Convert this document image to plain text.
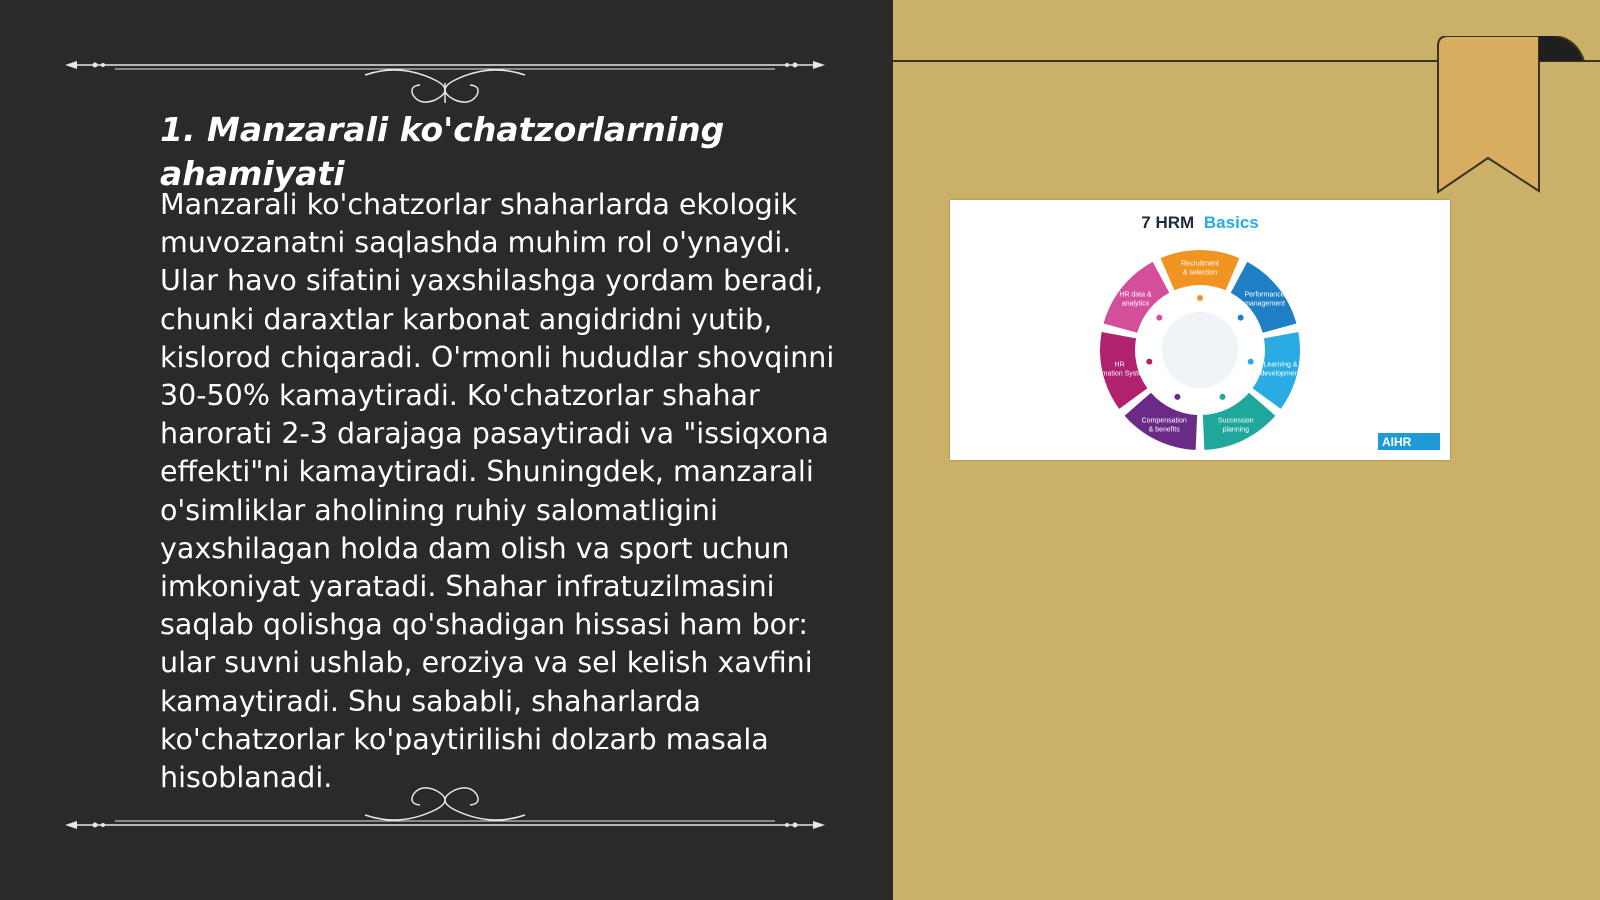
1. Manzarali ko'chatzorlarning ahamiyati

Manzarali ko'chatzorlar shaharlarda ekologik muvozanatni saqlashda muhim rol o'ynaydi. Ular havo sifatini yaxshilashga yordam beradi, chunki daraxtlar karbonat angidridni yutib, kislorod chiqaradi. O'rmonli hududlar shovqinni 30-50% kamaytiradi. Ko'chatzorlar shahar harorati 2-3 darajaga pasaytiradi va "issiqxona effekti"ni kamaytiradi. Shuningdek, manzarali o'simliklar aholining ruhiy salomatligini yaxshilagan holda dam olish va sport uchun imkoniyat yaratadi. Shahar infratuzilmasini saqlab qolishga qo'shadigan hissasi ham bor: ular suvni ushlab, eroziya va sel kelish xavfini kamaytiradi. Shu sababli, shaharlarda ko'chatzorlar ko'paytirilishi dolzarb masala hisoblanadi.

7 HRM Basics
Recruitment
& selection
Performance
management
Learning &
development
Succession
planning
Compensation
& benefits
HR
Information Systems
HR data &
analytics
AIHR
